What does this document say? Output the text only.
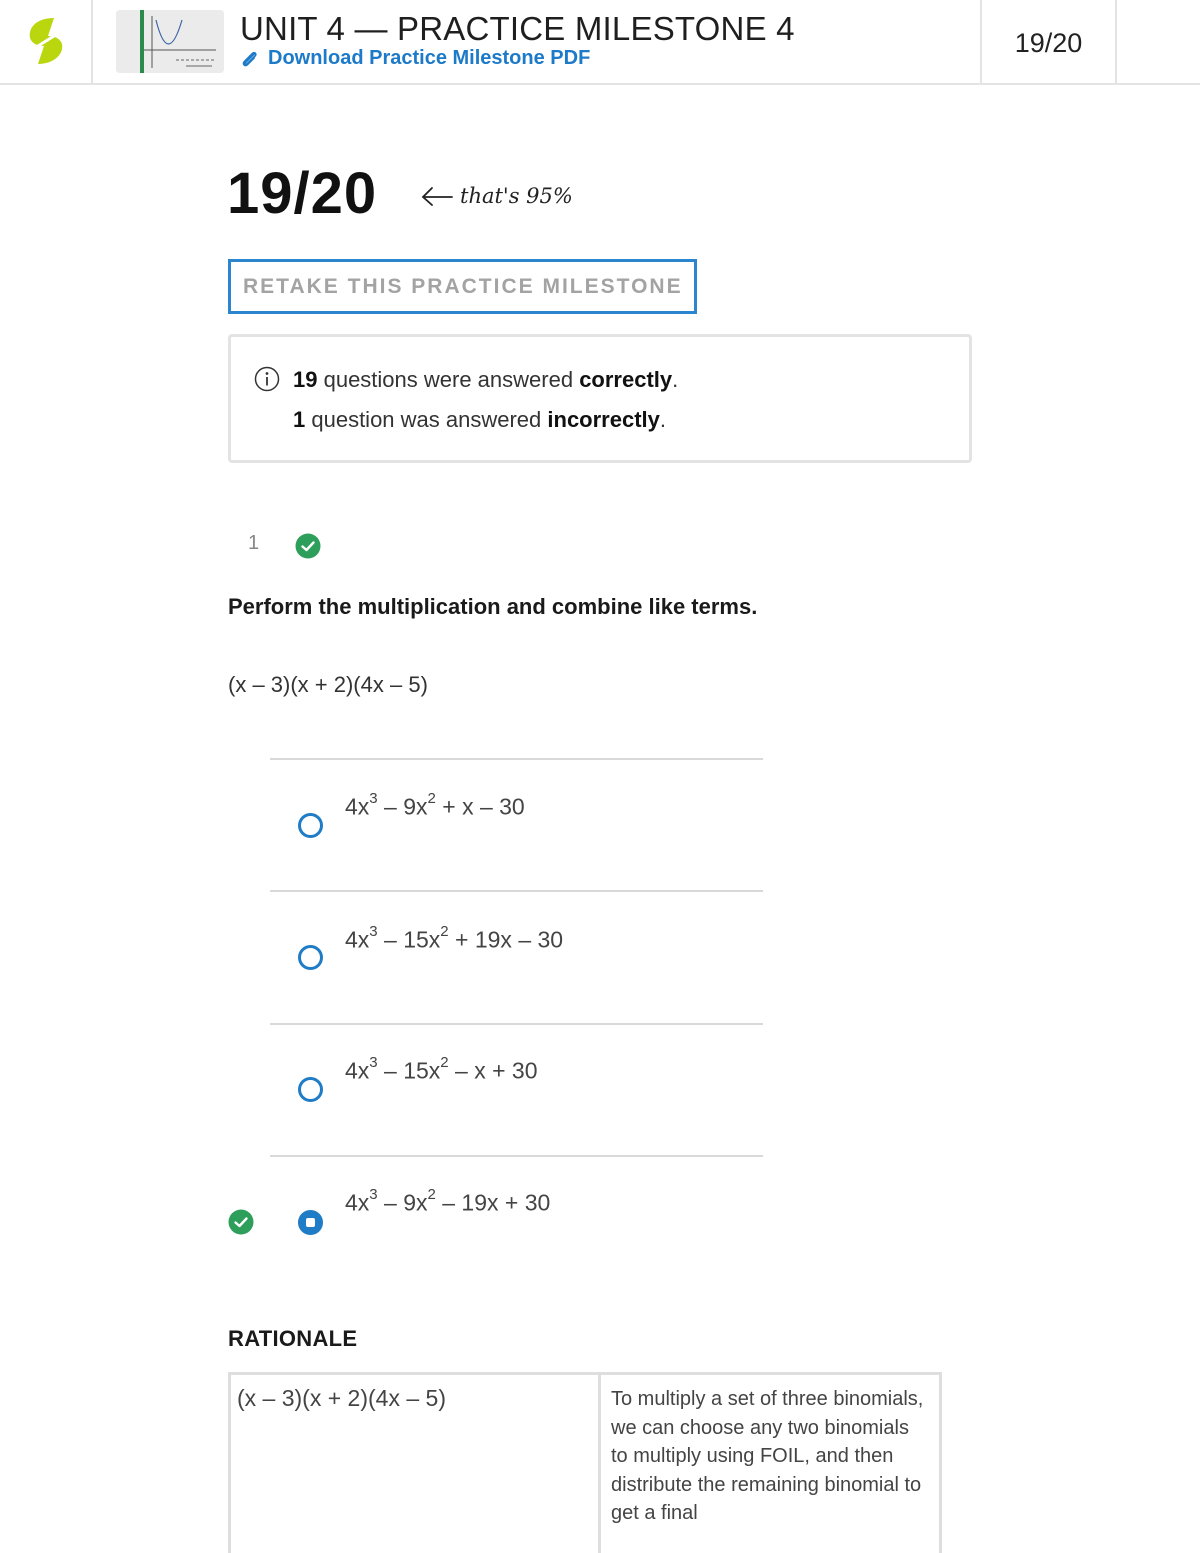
UNIT 4 — PRACTICE MILESTONE 4
Download Practice Milestone PDF	19/20
19/20	that's 95%
RETAKE THIS PRACTICE MILESTONE
19 questions were answered correctly.
1 question was answered incorrectly.
1
Perform the multiplication and combine like terms.
(x – 3)(x + 2)(4x – 5)
$4x^3 - 9x^2 + x - 30$
$4x^3 - 15x^2 + 19x - 30$
$4x^3 - 15x^2 - x + 30$
$4x^3 - 9x^2 - 19x + 30$
RATIONALE
(x – 3)(x + 2)(4x – 5)	To multiply a set of three binomials, we can choose any two binomials to multiply using FOIL, and then distribute the remaining binomial to get a final
